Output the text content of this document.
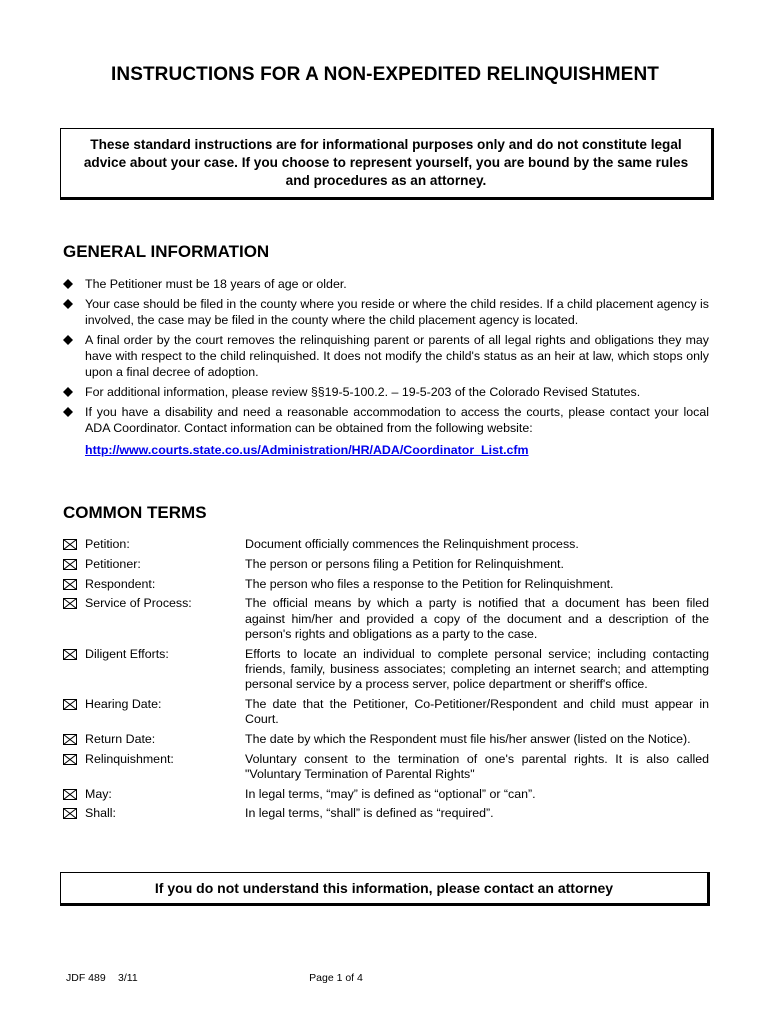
INSTRUCTIONS FOR A NON-EXPEDITED RELINQUISHMENT
These standard instructions are for informational purposes only and do not constitute legal advice about your case. If you choose to represent yourself, you are bound by the same rules and procedures as an attorney.
GENERAL INFORMATION
The Petitioner must be 18 years of age or older.
Your case should be filed in the county where you reside or where the child resides. If a child placement agency is involved, the case may be filed in the county where the child placement agency is located.
A final order by the court removes the relinquishing parent or parents of all legal rights and obligations they may have with respect to the child relinquished. It does not modify the child's status as an heir at law, which stops only upon a final decree of adoption.
For additional information, please review §§19-5-100.2. – 19-5-203 of the Colorado Revised Statutes.
If you have a disability and need a reasonable accommodation to access the courts, please contact your local ADA Coordinator. Contact information can be obtained from the following website:
http://www.courts.state.co.us/Administration/HR/ADA/Coordinator_List.cfm
COMMON TERMS
Petition:	Document officially commences the Relinquishment process.
Petitioner:	The person or persons filing a Petition for Relinquishment.
Respondent:	The person who files a response to the Petition for Relinquishment.
Service of Process:	The official means by which a party is notified that a document has been filed against him/her and provided a copy of the document and a description of the person's rights and obligations as a party to the case.
Diligent Efforts:	Efforts to locate an individual to complete personal service; including contacting friends, family, business associates; completing an internet search; and attempting personal service by a process server, police department or sheriff's office.
Hearing Date:	The date that the Petitioner, Co-Petitioner/Respondent and child must appear in Court.
Return Date:	The date by which the Respondent must file his/her answer (listed on the Notice).
Relinquishment:	Voluntary consent to the termination of one's parental rights. It is also called "Voluntary Termination of Parental Rights"
May:	In legal terms, “may” is defined as “optional” or “can”.
Shall:	In legal terms, “shall” is defined as “required”.
If you do not understand this information, please contact an attorney
JDF 489 3/11	Page 1 of 4
